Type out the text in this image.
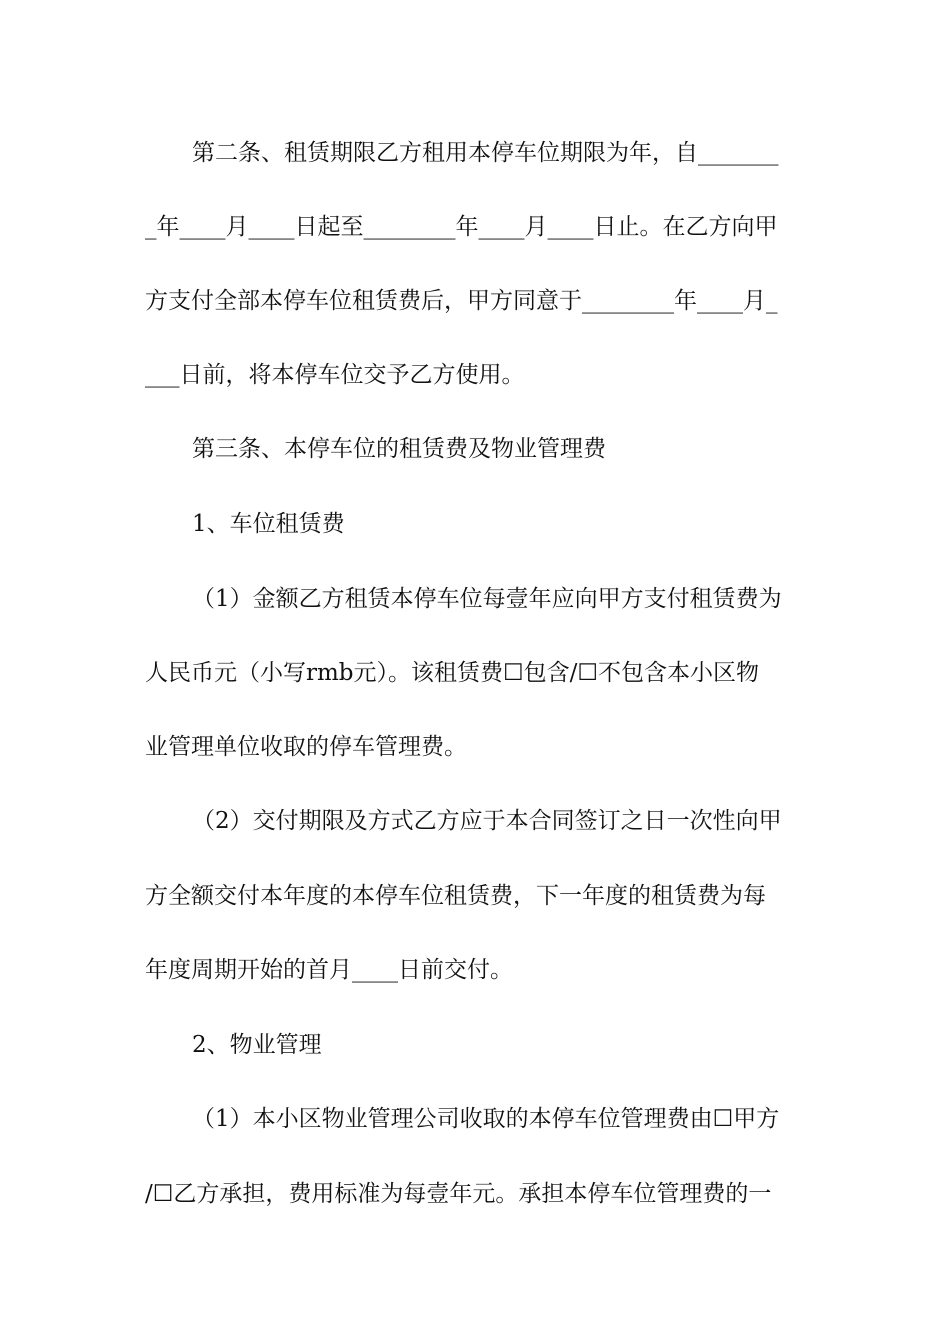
第二条、租赁期限乙方租用本停车位期限为年，自_______
_年____月____日起至________年____月____日止。在乙方向甲
方支付全部本停车位租赁费后，甲方同意于________年____月_
___日前，将本停车位交予乙方使用。
第三条、本停车位的租赁费及物业管理费
1、车位租赁费
（1）金额乙方租赁本停车位每壹年应向甲方支付租赁费为
人民币元（小写rmb元）。该租赁费☐包含/☐不包含本小区物
业管理单位收取的停车管理费。
（2）交付期限及方式乙方应于本合同签订之日一次性向甲
方全额交付本年度的本停车位租赁费，下一年度的租赁费为每
年度周期开始的首月____日前交付。
2、物业管理
（1）本小区物业管理公司收取的本停车位管理费由☐甲方
/☐乙方承担，费用标准为每壹年元。承担本停车位管理费的一
